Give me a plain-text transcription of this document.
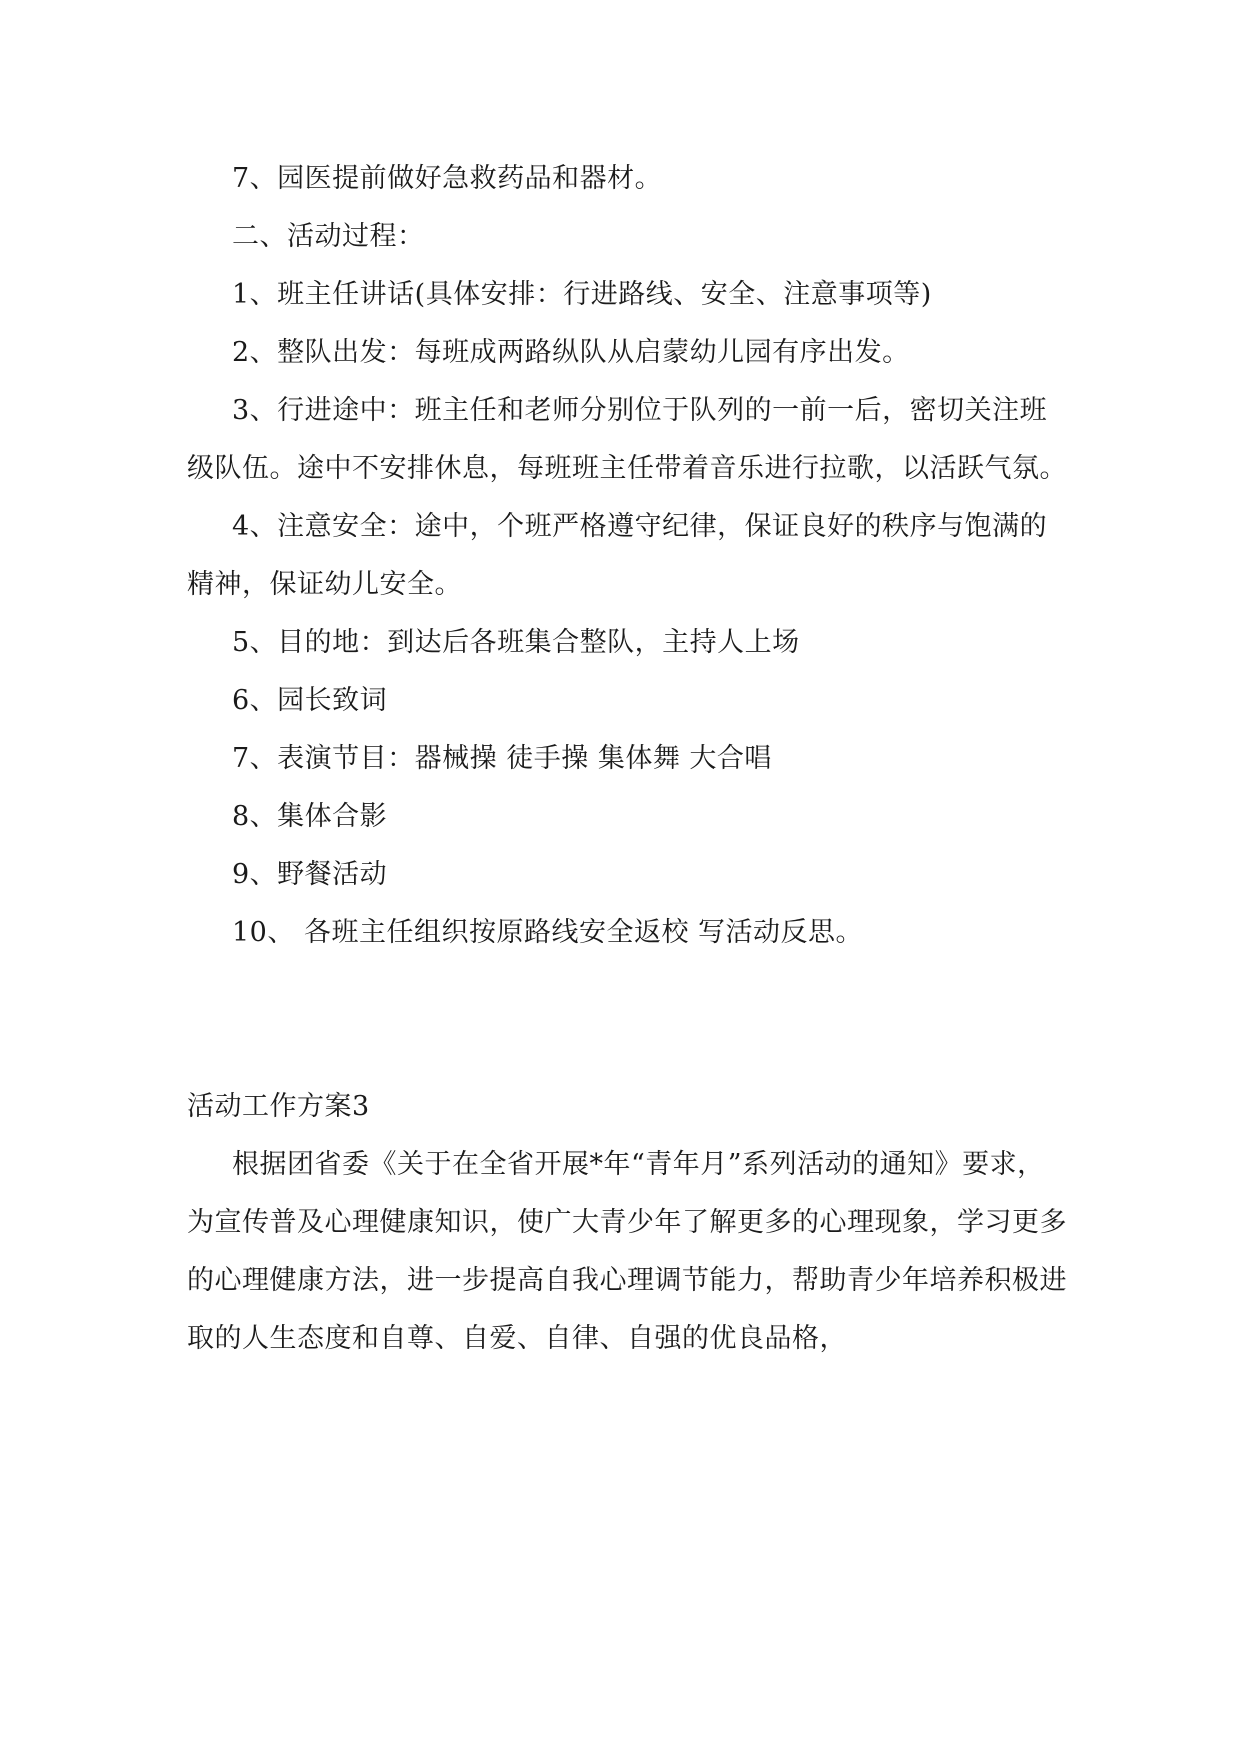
7、园医提前做好急救药品和器材。

二、活动过程：

1、班主任讲话(具体安排：行进路线、安全、注意事项等)

2、整队出发：每班成两路纵队从启蒙幼儿园有序出发。

3、行进途中：班主任和老师分别位于队列的一前一后，密切关注班级队伍。途中不安排休息，每班班主任带着音乐进行拉歌，以活跃气氛。

4、注意安全：途中，个班严格遵守纪律，保证良好的秩序与饱满的精神，保证幼儿安全。

5、目的地：到达后各班集合整队，主持人上场

6、园长致词

7、表演节目：器械操 徒手操 集体舞 大合唱

8、集体合影

9、野餐活动

10、 各班主任组织按原路线安全返校 写活动反思。

活动工作方案3

根据团省委《关于在全省开展*年“青年月”系列活动的通知》要求，为宣传普及心理健康知识，使广大青少年了解更多的心理现象，学习更多的心理健康方法，进一步提高自我心理调节能力，帮助青少年培养积极进取的人生态度和自尊、自爱、自律、自强的优良品格，
